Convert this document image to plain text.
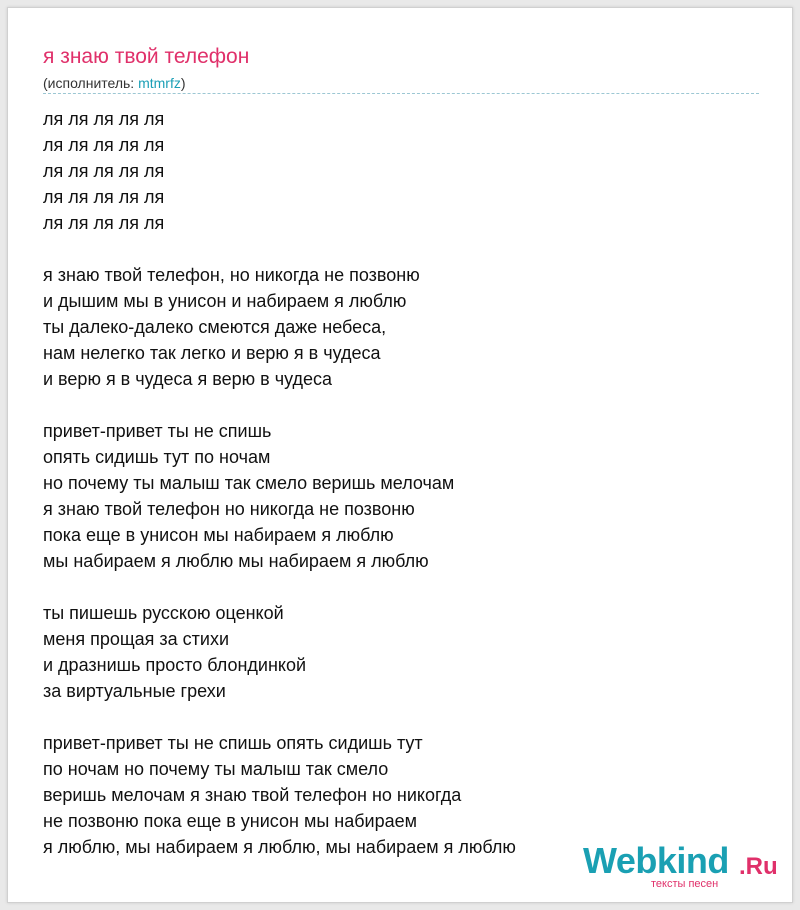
я знаю твой телефон
(исполнитель: mtmrfz)
ля ля ля ля ля
ля ля ля ля ля
ля ля ля ля ля
ля ля ля ля ля
ля ля ля ля ля
я знаю твой телефон, но никогда не позвоню
и дышим мы в унисон и набираем я люблю
ты далеко-далеко смеются даже небеса,
нам нелегко так легко и верю я в чудеса
и верю я в чудеса я верю в чудеса
привет-привет ты не спишь
опять сидишь тут по ночам
но почему ты малыш так смело веришь мелочам
я знаю твой телефон но никогда не позвоню
пока еще в унисон мы набираем я люблю
мы набираем я люблю мы набираем я люблю
ты пишешь русскою оценкой
меня прощая за стихи
и дразнишь просто блондинкой
за виртуальные грехи
привет-привет ты не спишь опять сидишь тут
по ночам но почему ты малыш так смело
веришь мелочам я знаю твой телефон но никогда
не позвоню пока еще в унисон мы набираем
я люблю, мы набираем я люблю, мы набираем я люблю	Webkind .Ru
тексты песен
